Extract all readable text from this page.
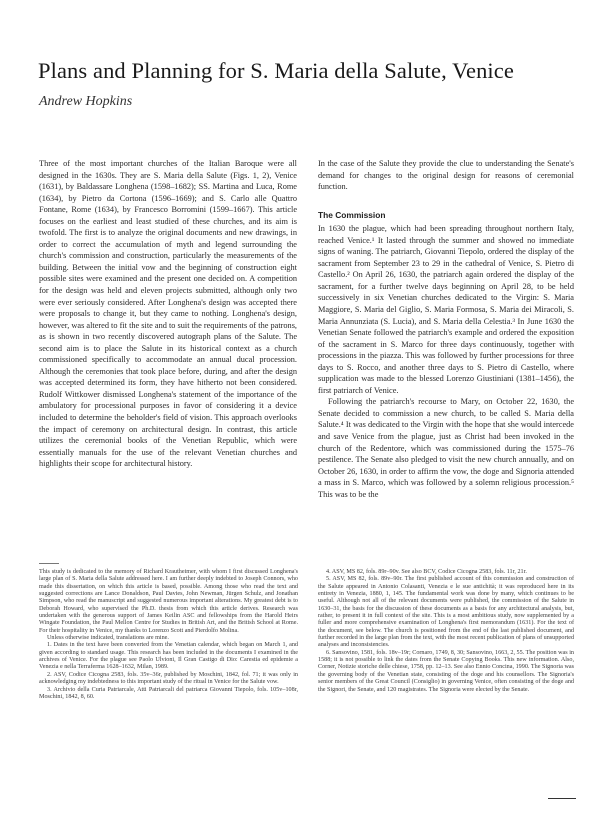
Plans and Planning for S. Maria della Salute, Venice
Andrew Hopkins

Three of the most important churches of the Italian Baroque were all designed in the 1630s. They are S. Maria della Salute (Figs. 1, 2), Venice (1631), by Baldassare Longhena (1598–1682); SS. Martina and Luca, Rome (1634), by Pietro da Cortona (1596–1669); and S. Carlo alle Quattro Fontane, Rome (1634), by Francesco Borromini (1599–1667). This article focuses on the earliest and least studied of these churches, and its aim is twofold. The first is to analyze the original documents and new drawings, in order to correct the accumulation of myth and legend surrounding the church's commission and construction, particularly the measurements of the building. Between the initial vow and the beginning of construction eight possible sites were examined and the present one decided on. A competition for the design was held and eleven projects submitted, although only two were ever seriously considered. After Longhena's design was accepted there were proposals to change it, but they came to nothing. Longhena's design, however, was altered to fit the site and to suit the requirements of the patrons, as is shown in two recently discovered autograph plans of the Salute. The second aim is to place the Salute in its historical context as a church commissioned specifically to accommodate an annual ducal procession. Although the ceremonies that took place before, during, and after the design was accepted determined its form, they have hitherto not been considered. Rudolf Wittkower dismissed Longhena's statement of the importance of the ambulatory for processional purposes in favor of considering it a device included to determine the beholder's field of vision. This approach overlooks the impact of ceremony on architectural design. In contrast, this article utilizes the ceremonial books of the Venetian Republic, which were essentially manuals for the use of the relevant Venetian churches and highlights their scope for architectural history.

In the case of the Salute they provide the clue to understanding the Senate's demand for changes to the original design for reasons of ceremonial function.

The Commission

In 1630 the plague, which had been spreading throughout northern Italy, reached Venice.¹ It lasted through the summer and showed no immediate signs of waning. The patriarch, Giovanni Tiepolo, ordered the display of the sacrament from September 23 to 29 in the cathedral of Venice, S. Pietro di Castello.² On April 26, 1630, the patriarch again ordered the display of the sacrament, for a further twelve days beginning on April 28, to be held successively in six Venetian churches dedicated to the Virgin: S. Maria Maggiore, S. Maria del Giglio, S. Maria Formosa, S. Maria dei Miracoli, S. Maria Annunziata (S. Lucia), and S. Maria della Celestia.³ In June 1630 the Venetian Senate followed the patriarch's example and ordered the exposition of the sacrament in S. Marco for three days continuously, together with processions in the piazza. This was followed by further processions for three days to S. Rocco, and another three days to S. Pietro di Castello, where supplication was made to the blessed Lorenzo Giustiniani (1381–1456), the first patriarch of Venice.

Following the patriarch's recourse to Mary, on October 22, 1630, the Senate decided to commission a new church, to be called S. Maria della Salute.⁴ It was dedicated to the Virgin with the hope that she would intercede and save Venice from the plague, just as Christ had been invoked in the church of the Redentore, which was commissioned during the 1575–76 pestilence. The Senate also pledged to visit the new church annually, and on October 26, 1630, in order to affirm the vow, the doge and Signoria attended a mass in S. Marco, which was followed by a solemn religious procession.⁵ This was to be the

This study is dedicated to the memory of Richard Krautheimer, with whom I first discussed Longhena's large plan of S. Maria della Salute addressed here. I am further deeply indebted to Joseph Connors, who made this dissertation, on which this article is based, possible. Among those who read the text and suggested corrections are Lance Donaldson, Paul Davies, John Newman, Jürgen Schulz, and Jonathan Simpson, who read the manuscript and suggested numerous important alterations. My greatest debt is to Deborah Howard, who supervised the Ph.D. thesis from which this article derives. Research was undertaken with the generous support of James Keilin ASC and fellowships from the Harold Heirs Wingate Foundation, the Paul Mellon Centre for Studies in British Art, and the British School at Rome. For their hospitality in Venice, my thanks to Lorenzo Scott and Pierdolfo Molina.

Unless otherwise indicated, translations are mine.

1. Dates in the text have been converted from the Venetian calendar, which began on March 1, and given according to standard usage. This research has been included in the documents I examined in the archives of Venice. For the plague see Paolo Ulvioni, Il Gran Castigo di Dio: Carestia ed epidemie a Venezia e nella Terraferma 1628–1632, Milan, 1989.

2. ASV, Codice Cicogna 2583, fols. 35v–36r, published by Moschini, 1842, fol. 71; it was only in acknowledging my indebtedness to this important study of the ritual in Venice for the Salute vow.

3. Archivio della Curia Patriarcale, Atti Patriarcali del patriarca Giovanni Tiepolo, fols. 105v–108r, Moschini, 1842, 8, 60.

4. ASV, MS 82, fols. 89r–90v. See also BCV, Codice Cicogna 2583, fols. 11r, 21r.

5. ASV, MS 82, fols. 89v–90r. The first published account of this commission and construction of the Salute appeared in Antonio Colasanti, Venezia e le sue antichità; it was reproduced here in its entirety in Venezia, 1880, 1, 145. The fundamental work was done by many, which continues to be useful. Although not all of the relevant documents were published, the commission of the Salute in 1630–31, the basis for the discussion of these documents as a basis for any architectural analysis, but, rather, to present it in full context of the site. This is a most ambitious study, now supplemented by a fuller and more comprehensive examination of Longhena's first memorandum (1631). For the text of the document, see below. The church is positioned from the end of the last published document, and further recorded in the large plan from the text, with the most recent publication of plans of unsupported analyses and inconsistencies.

6. Sansovino, 1581, fols. 18v–19r; Cornaro, 1749, 8, 30; Sansovino, 1663, 2, 55. The position was in 1588; it is not possible to link the dates from the Senate Copying Books. This new information. Also, Corner, Notizie storiche delle chiese, 1758, pp. 12–13. See also Ennio Concina, 1990. The Signoria was the governing body of the Venetian state, consisting of the doge and his counsellors. The Signoria's senior members of the Great Council (Consiglio) in governing Venice, often consisting of the doge and the Signori, the Senate, and 120 magistrates. The Signoria were elected by the Senate.
